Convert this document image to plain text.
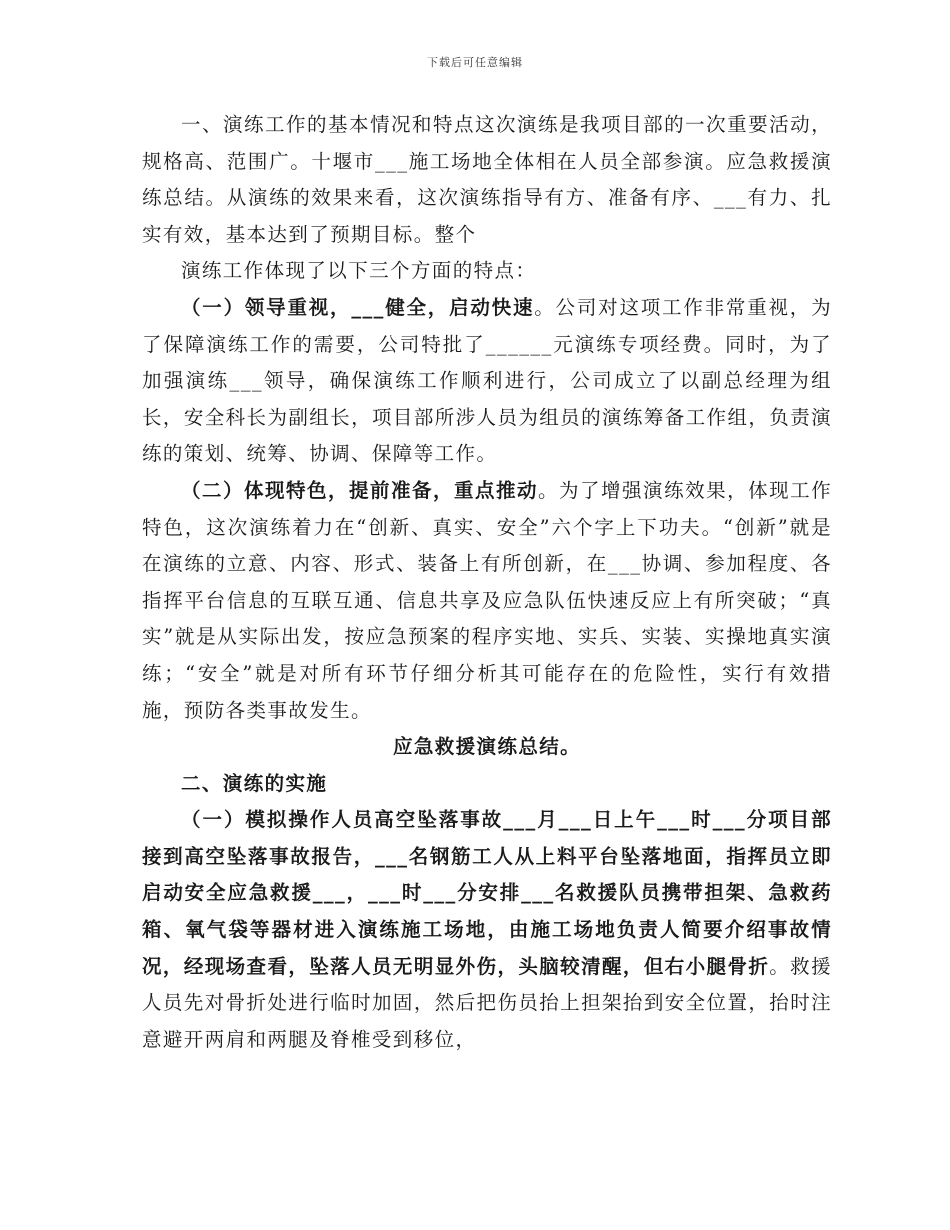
下载后可任意编辑

一、演练工作的基本情况和特点这次演练是我项目部的一次重要活动，规格高、范围广。十堰市___施工场地全体相在人员全部参演。应急救援演练总结。从演练的效果来看，这次演练指导有方、准备有序、___有力、扎实有效，基本达到了预期目标。整个

演练工作体现了以下三个方面的特点：

（一）领导重视，___健全，启动快速。公司对这项工作非常重视，为了保障演练工作的需要，公司特批了______元演练专项经费。同时，为了加强演练___领导，确保演练工作顺利进行，公司成立了以副总经理为组长，安全科长为副组长，项目部所涉人员为组员的演练筹备工作组，负责演练的策划、统筹、协调、保障等工作。

（二）体现特色，提前准备，重点推动。为了增强演练效果，体现工作特色，这次演练着力在“创新、真实、安全”六个字上下功夫。“创新”就是在演练的立意、内容、形式、装备上有所创新，在___协调、参加程度、各指挥平台信息的互联互通、信息共享及应急队伍快速反应上有所突破；“真实”就是从实际出发，按应急预案的程序实地、实兵、实装、实操地真实演练；“安全”就是对所有环节仔细分析其可能存在的危险性，实行有效措施，预防各类事故发生。

应急救援演练总结。

二、演练的实施

（一）模拟操作人员高空坠落事故___月___日上午___时___分项目部接到高空坠落事故报告，___名钢筋工人从上料平台坠落地面，指挥员立即启动安全应急救援___，___时___分安排___名救援队员携带担架、急救药箱、氧气袋等器材进入演练施工场地，由施工场地负责人简要介绍事故情况，经现场查看，坠落人员无明显外伤，头脑较清醒，但右小腿骨折。救援人员先对骨折处进行临时加固，然后把伤员抬上担架抬到安全位置，抬时注意避开两肩和两腿及脊椎受到移位，
